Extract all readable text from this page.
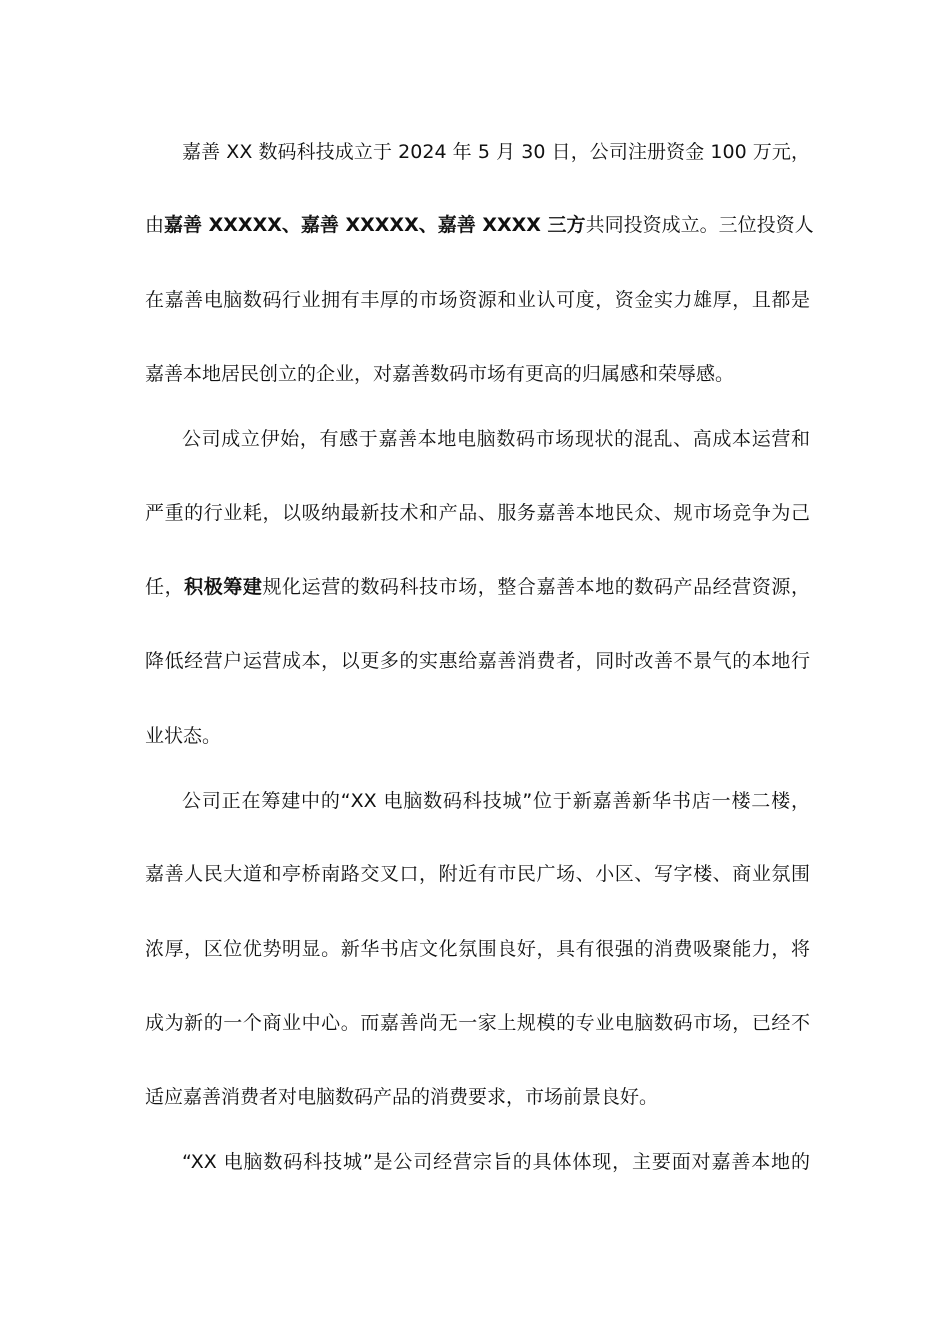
嘉善 XX 数码科技成立于 2024 年 5 月 30 日，公司注册资金 100 万元，

由嘉善 XXXXX、嘉善 XXXXX、嘉善 XXXX 三方共同投资成立。三位投资人

在嘉善电脑数码行业拥有丰厚的市场资源和业认可度，资金实力雄厚，且都是

嘉善本地居民创立的企业，对嘉善数码市场有更高的归属感和荣辱感。

公司成立伊始，有感于嘉善本地电脑数码市场现状的混乱、高成本运营和

严重的行业耗，以吸纳最新技术和产品、服务嘉善本地民众、规市场竞争为己

任，积极筹建规化运营的数码科技市场，整合嘉善本地的数码产品经营资源，

降低经营户运营成本，以更多的实惠给嘉善消费者，同时改善不景气的本地行

业状态。

公司正在筹建中的“XX 电脑数码科技城”位于新嘉善新华书店一楼二楼，

嘉善人民大道和亭桥南路交叉口，附近有市民广场、小区、写字楼、商业氛围

浓厚，区位优势明显。新华书店文化氛围良好，具有很强的消费吸聚能力，将

成为新的一个商业中心。而嘉善尚无一家上规模的专业电脑数码市场，已经不

适应嘉善消费者对电脑数码产品的消费要求，市场前景良好。

“XX 电脑数码科技城”是公司经营宗旨的具体体现，主要面对嘉善本地的
